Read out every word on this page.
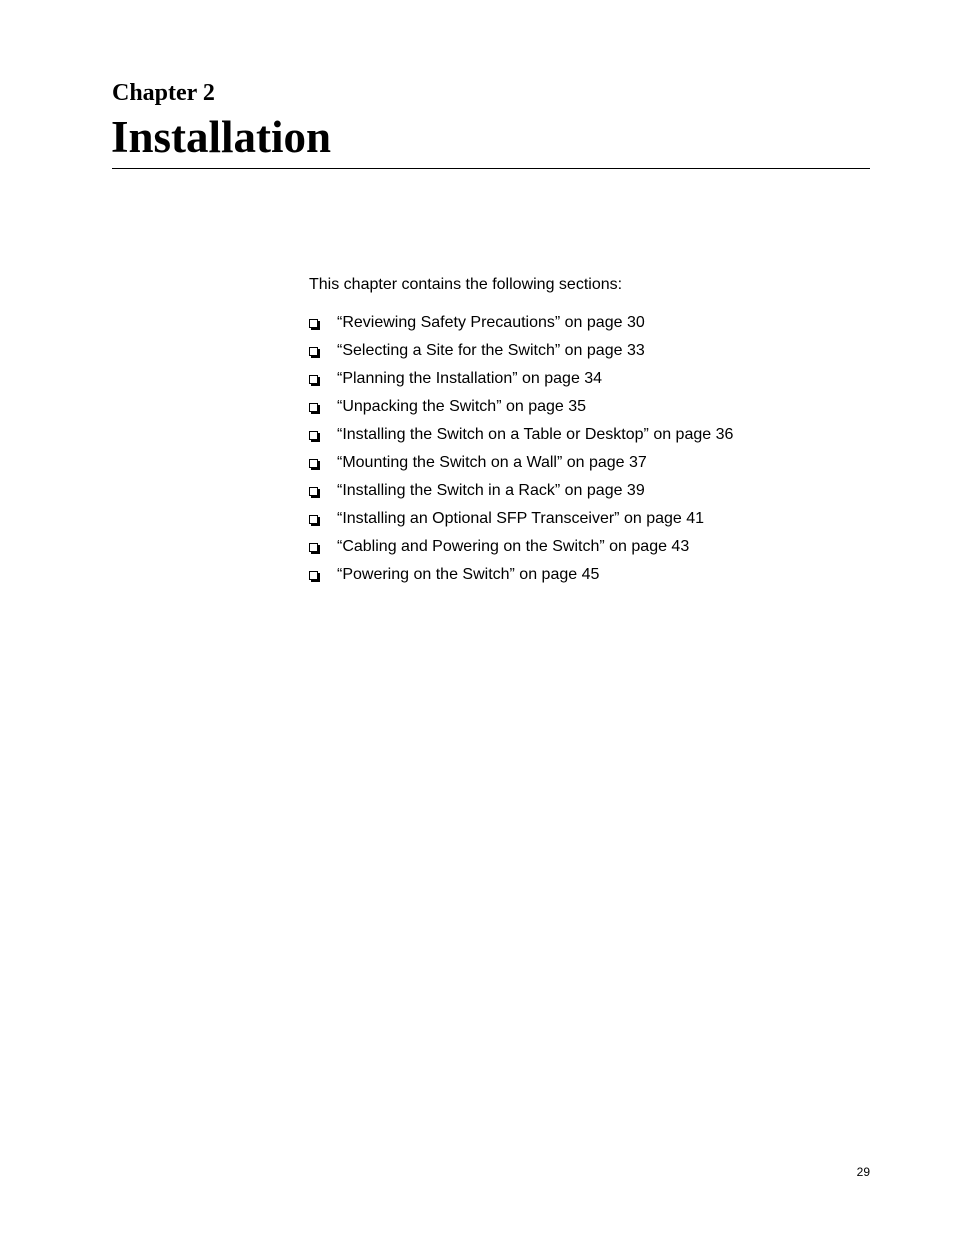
Chapter 2
Installation

This chapter contains the following sections:

“Reviewing Safety Precautions” on page 30
“Selecting a Site for the Switch” on page 33
“Planning the Installation” on page 34
“Unpacking the Switch” on page 35
“Installing the Switch on a Table or Desktop” on page 36
“Mounting the Switch on a Wall” on page 37
“Installing the Switch in a Rack” on page 39
“Installing an Optional SFP Transceiver” on page 41
“Cabling and Powering on the Switch” on page 43
“Powering on the Switch” on page 45

29
